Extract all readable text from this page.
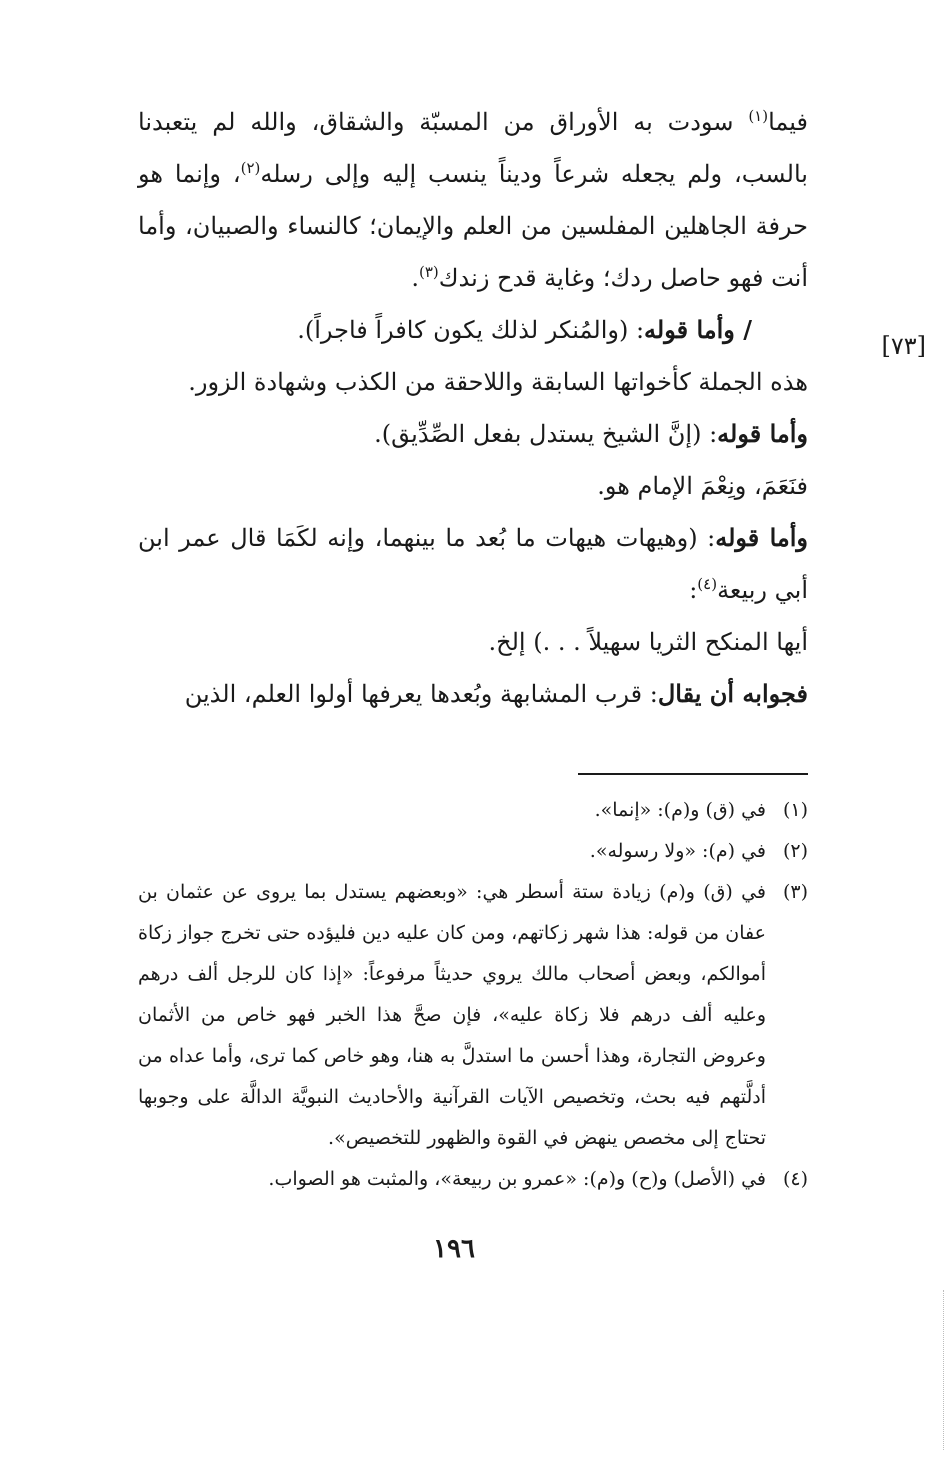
[٧٣]

فيما$^{(١)}$ سودت به الأوراق من المسبّة والشقاق، والله لم يتعبدنا بالسب، ولم يجعله شرعاً وديناً ينسب إليه وإلى رسله$^{(٢)}$، وإنما هو حرفة الجاهلين المفلسين من العلم والإيمان؛ كالنساء والصبيان، وأما أنت فهو حاصل ردك؛ وغاية قدح زندك$^{(٣)}$.

/ وأما قوله: (والمُنكر لذلك يكون كافراً فاجراً).

هذه الجملة كأخواتها السابقة واللاحقة من الكذب وشهادة الزور.

وأما قوله: (إنَّ الشيخ يستدل بفعل الصِّدِّيق).

فنَعَمَ، ونِعْمَ الإمام هو.

وأما قوله: (وهيهات هيهات ما بُعد ما بينهما، وإنه لكَمَا قال عمر ابن أبي ربيعة$^{(٤)}$:

أيها المنكح الثريا سهيلاً . . .) إلخ.

فجوابه أن يقال: قرب المشابهة وبُعدها يعرفها أولوا العلم، الذين

(١)
في (ق) و(م): «إنما».
(٢)
في (م): «ولا رسوله».
(٣)
في (ق) و(م) زيادة ستة أسطر هي: «وبعضهم يستدل بما يروى عن عثمان بن عفان من قوله: هذا شهر زكاتهم، ومن كان عليه دين فليؤده حتى تخرج جواز زكاة أموالكم، وبعض أصحاب مالك يروي حديثاً مرفوعاً: «إذا كان للرجل ألف درهم وعليه ألف درهم فلا زكاة عليه»، فإن صحَّ هذا الخبر فهو خاص من الأثمان وعروض التجارة، وهذا أحسن ما استدلَّ به هنا، وهو خاص كما ترى، وأما عداه من أدلَّتهم فيه بحث، وتخصيص الآيات القرآنية والأحاديث النبويَّة الدالَّة على وجوبها تحتاج إلى مخصص ينهض في القوة والظهور للتخصيص».
(٤)
في (الأصل) و(ح) و(م): «عمرو بن ربيعة»، والمثبت هو الصواب.
١٩٦
